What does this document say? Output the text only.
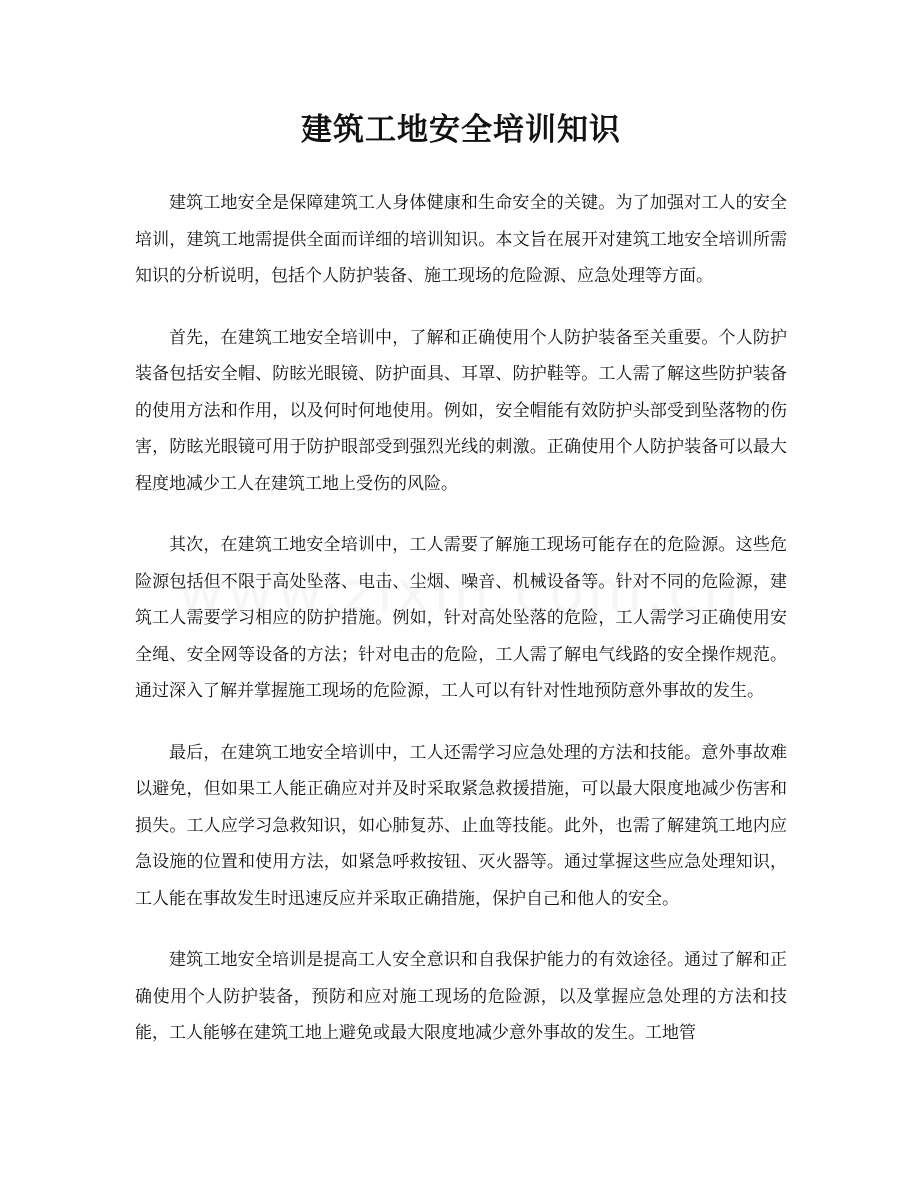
建筑工地安全培训知识

建筑工地安全是保障建筑工人身体健康和生命安全的关键。为了加强对工人的安全培训，建筑工地需提供全面而详细的培训知识。本文旨在展开对建筑工地安全培训所需知识的分析说明，包括个人防护装备、施工现场的危险源、应急处理等方面。

首先，在建筑工地安全培训中，了解和正确使用个人防护装备至关重要。个人防护装备包括安全帽、防眩光眼镜、防护面具、耳罩、防护鞋等。工人需了解这些防护装备的使用方法和作用，以及何时何地使用。例如，安全帽能有效防护头部受到坠落物的伤害，防眩光眼镜可用于防护眼部受到强烈光线的刺激。正确使用个人防护装备可以最大程度地减少工人在建筑工地上受伤的风险。

其次，在建筑工地安全培训中，工人需要了解施工现场可能存在的危险源。这些危险源包括但不限于高处坠落、电击、尘烟、噪音、机械设备等。针对不同的危险源，建筑工人需要学习相应的防护措施。例如，针对高处坠落的危险，工人需学习正确使用安全绳、安全网等设备的方法；针对电击的危险，工人需了解电气线路的安全操作规范。通过深入了解并掌握施工现场的危险源，工人可以有针对性地预防意外事故的发生。

最后，在建筑工地安全培训中，工人还需学习应急处理的方法和技能。意外事故难以避免，但如果工人能正确应对并及时采取紧急救援措施，可以最大限度地减少伤害和损失。工人应学习急救知识，如心肺复苏、止血等技能。此外，也需了解建筑工地内应急设施的位置和使用方法，如紧急呼救按钮、灭火器等。通过掌握这些应急处理知识，工人能在事故发生时迅速反应并采取正确措施，保护自己和他人的安全。

建筑工地安全培训是提高工人安全意识和自我保护能力的有效途径。通过了解和正确使用个人防护装备，预防和应对施工现场的危险源，以及掌握应急处理的方法和技能，工人能够在建筑工地上避免或最大限度地减少意外事故的发生。工地管
